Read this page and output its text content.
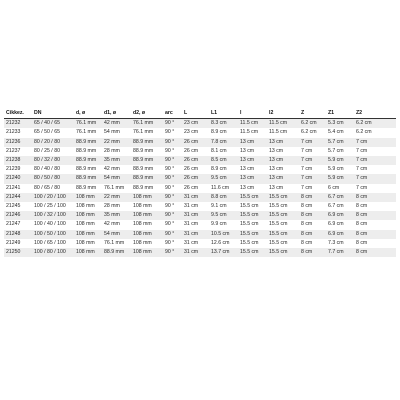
Cikkez.	DN	d, ø	d1, ø	d2, ø	arc	L	L1	l	l2	Z	Z1	Z2
21232	65 / 40 / 65	76.1 mm	42 mm	76.1 mm	90 °	23 cm	8.3 cm	11.5 cm	11.5 cm	6.2 cm	5.3 cm	6.2 cm
21233	65 / 50 / 65	76.1 mm	54 mm	76.1 mm	90 °	23 cm	8.9 cm	11.5 cm	11.5 cm	6.2 cm	5.4 cm	6.2 cm
21236	80 / 20 / 80	88.9 mm	22 mm	88.9 mm	90 °	26 cm	7.8 cm	13 cm	13 cm	7 cm	5.7 cm	7 cm
21237	80 / 25 / 80	88.9 mm	28 mm	88.9 mm	90 °	26 cm	8.1 cm	13 cm	13 cm	7 cm	5.7 cm	7 cm
21238	80 / 32 / 80	88.9 mm	35 mm	88.9 mm	90 °	26 cm	8.5 cm	13 cm	13 cm	7 cm	5.9 cm	7 cm
21239	80 / 40 / 80	88.9 mm	42 mm	88.9 mm	90 °	26 cm	8.9 cm	13 cm	13 cm	7 cm	5.9 cm	7 cm
21240	80 / 50 / 80	88.9 mm	54 mm	88.9 mm	90 °	26 cm	9.5 cm	13 cm	13 cm	7 cm	5.9 cm	7 cm
21241	80 / 65 / 80	88.9 mm	76.1 mm	88.9 mm	90 °	26 cm	11.6 cm	13 cm	13 cm	7 cm	6 cm	7 cm
21244	100 / 20 / 100	108 mm	22 mm	108 mm	90 °	31 cm	8.8 cm	15.5 cm	15.5 cm	8 cm	6.7 cm	8 cm
21245	100 / 25 / 100	108 mm	28 mm	108 mm	90 °	31 cm	9.1 cm	15.5 cm	15.5 cm	8 cm	6.7 cm	8 cm
21246	100 / 32 / 100	108 mm	35 mm	108 mm	90 °	31 cm	9.5 cm	15.5 cm	15.5 cm	8 cm	6.9 cm	8 cm
21247	100 / 40 / 100	108 mm	42 mm	108 mm	90 °	31 cm	9.9 cm	15.5 cm	15.5 cm	8 cm	6.9 cm	8 cm
21248	100 / 50 / 100	108 mm	54 mm	108 mm	90 °	31 cm	10.5 cm	15.5 cm	15.5 cm	8 cm	6.9 cm	8 cm
21249	100 / 65 / 100	108 mm	76.1 mm	108 mm	90 °	31 cm	12.6 cm	15.5 cm	15.5 cm	8 cm	7.3 cm	8 cm
21250	100 / 80 / 100	108 mm	88.9 mm	108 mm	90 °	31 cm	13.7 cm	15.5 cm	15.5 cm	8 cm	7.7 cm	8 cm
